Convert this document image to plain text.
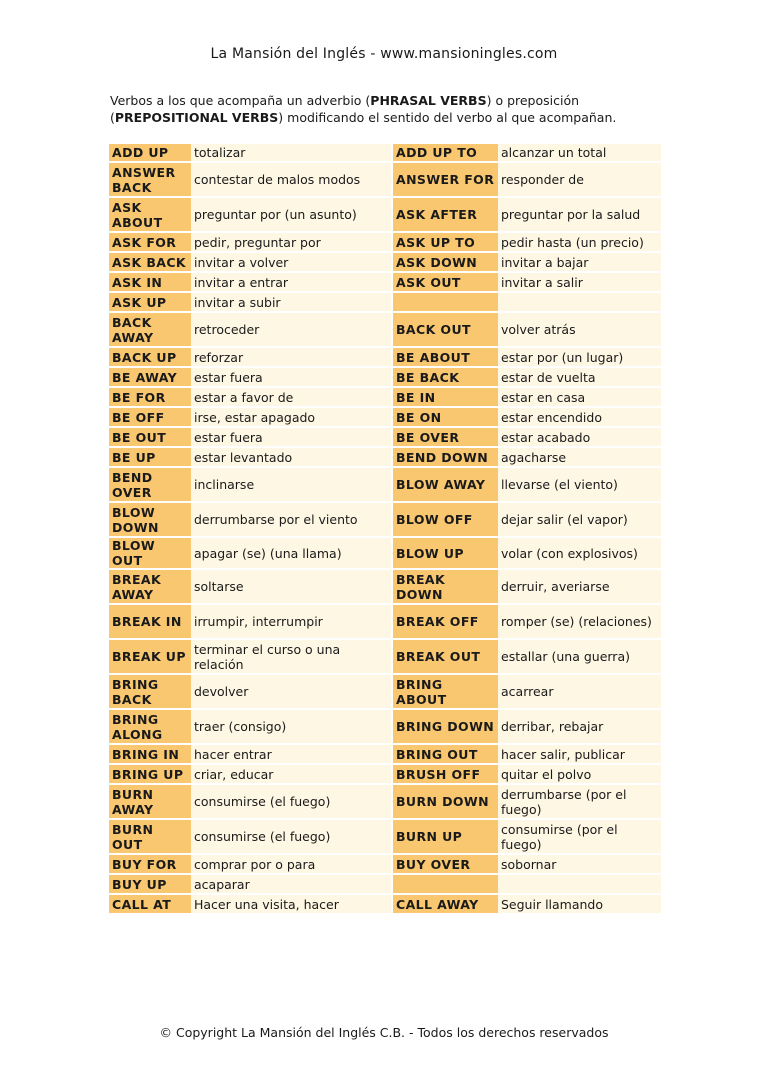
La Mansión del Inglés - www.mansioningles.com
Verbos a los que acompaña un adverbio (PHRASAL VERBS) o preposición
(PREPOSITIONAL VERBS) modificando el sentido del verbo al que acompañan.
ADD UP	totalizar		ADD UP TO	alcanzar un total
ANSWER BACK	contestar de malos modos		ANSWER FOR	responder de
ASK ABOUT	preguntar por (un asunto)		ASK AFTER	preguntar por la salud
ASK FOR	pedir, preguntar por		ASK UP TO	pedir hasta (un precio)
ASK BACK	invitar a volver		ASK DOWN	invitar a bajar
ASK IN	invitar a entrar		ASK OUT	invitar a salir
ASK UP	invitar a subir			
BACK AWAY	retroceder		BACK OUT	volver atrás
BACK UP	reforzar		BE ABOUT	estar por (un lugar)
BE AWAY	estar fuera		BE BACK	estar de vuelta
BE FOR	estar a favor de		BE IN	estar en casa
BE OFF	irse, estar apagado		BE ON	estar encendido
BE OUT	estar fuera		BE OVER	estar acabado
BE UP	estar levantado		BEND DOWN	agacharse
BEND OVER	inclinarse		BLOW AWAY	llevarse (el viento)
BLOW DOWN	derrumbarse por el viento		BLOW OFF	dejar salir (el vapor)
BLOW OUT	apagar (se) (una llama)		BLOW UP	volar (con explosivos)
BREAK AWAY	soltarse		BREAK DOWN	derruir, averiarse
BREAK IN	irrumpir, interrumpir		BREAK OFF	romper (se) (relaciones)
BREAK UP	terminar el curso o una relación		BREAK OUT	estallar (una guerra)
BRING BACK	devolver		BRING ABOUT	acarrear
BRING ALONG	traer (consigo)		BRING DOWN	derribar, rebajar
BRING IN	hacer entrar		BRING OUT	hacer salir, publicar
BRING UP	criar, educar		BRUSH OFF	quitar el polvo
BURN AWAY	consumirse (el fuego)		BURN DOWN	derrumbarse (por el fuego)
BURN OUT	consumirse (el fuego)		BURN UP	consumirse (por el fuego)
BUY FOR	comprar por o para		BUY OVER	sobornar
BUY UP	acaparar			
CALL AT	Hacer una visita, hacer		CALL AWAY	Seguir llamando
© Copyright La Mansión del Inglés C.B. - Todos los derechos reservados
